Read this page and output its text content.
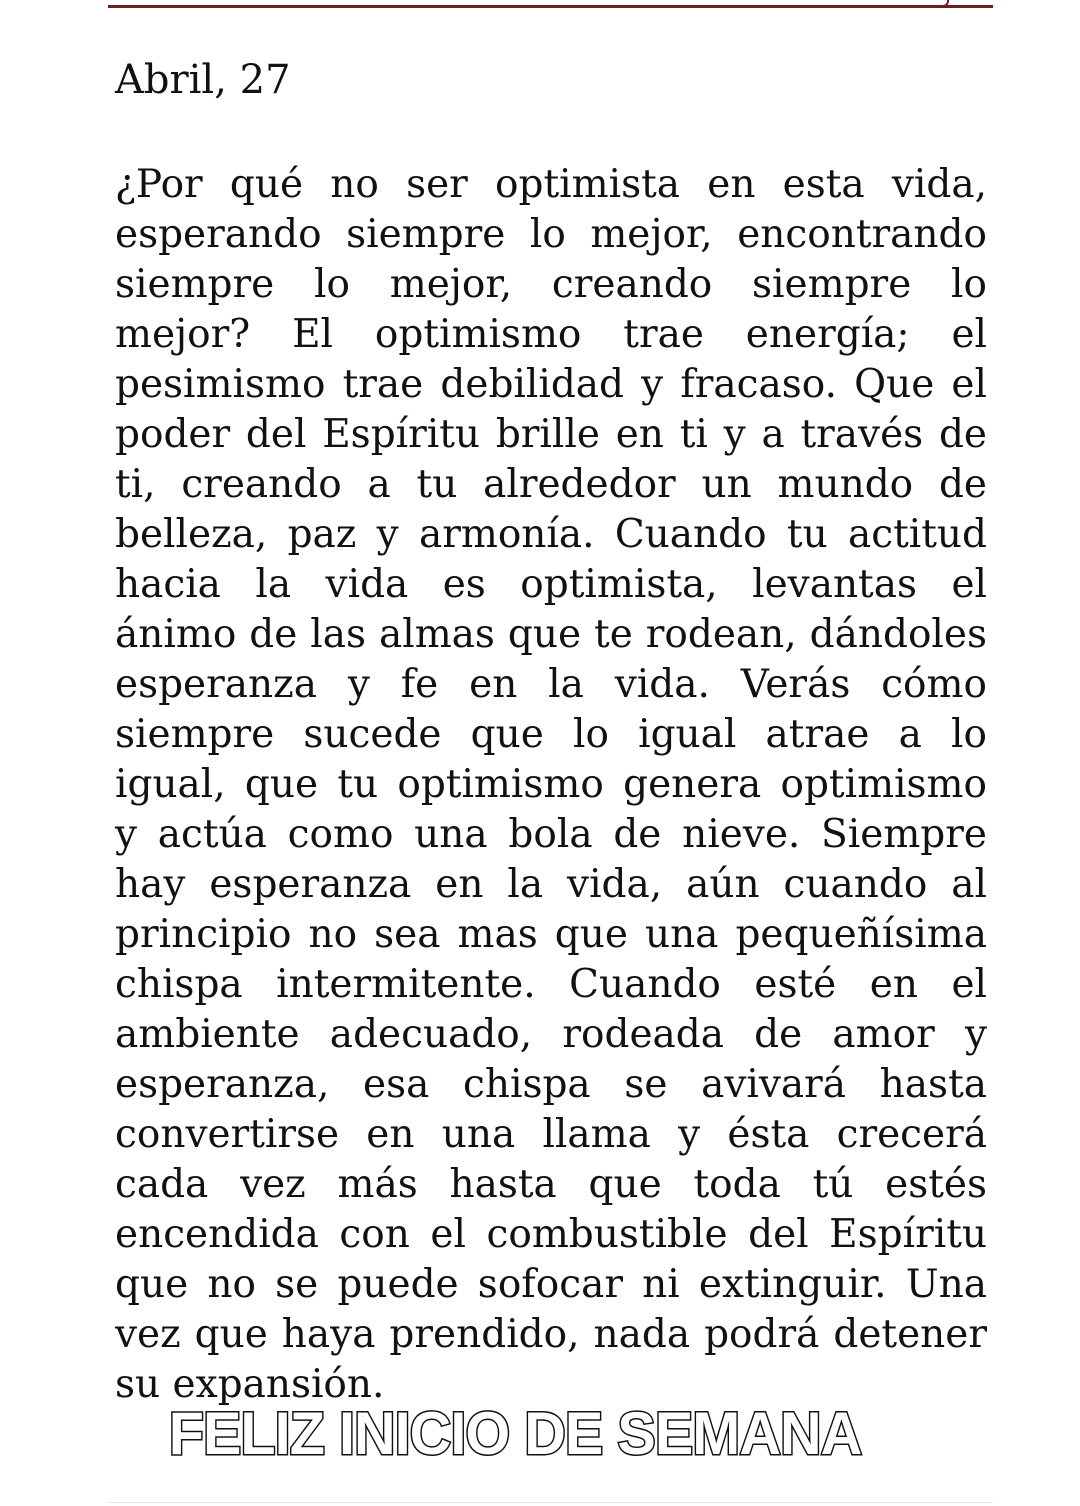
Abril, 27

¿Por qué no ser optimista en esta vida, esperando siempre lo mejor, encontrando siempre lo mejor, creando siempre lo mejor? El optimismo trae energía; el pesimismo trae debilidad y fracaso. Que el poder del Espíritu brille en ti y a través de ti, creando a tu alrededor un mundo de belleza, paz y armonía. Cuando tu actitud hacia la vida es optimista, levantas el ánimo de las almas que te rodean, dándoles esperanza y fe en la vida. Verás cómo siempre sucede que lo igual atrae a lo igual, que tu optimismo genera optimismo y actúa como una bola de nieve. Siempre hay esperanza en la vida, aún cuando al principio no sea mas que una pequeñísima chispa intermitente. Cuando esté en el ambiente adecuado, rodeada de amor y esperanza, esa chispa se avivará hasta convertirse en una llama y ésta crecerá cada vez más hasta que toda tú estés encendida con el combustible del Espíritu que no se puede sofocar ni extinguir. Una vez que haya prendido, nada podrá detener su expansión.

FELIZ INICIO DE SEMANA
